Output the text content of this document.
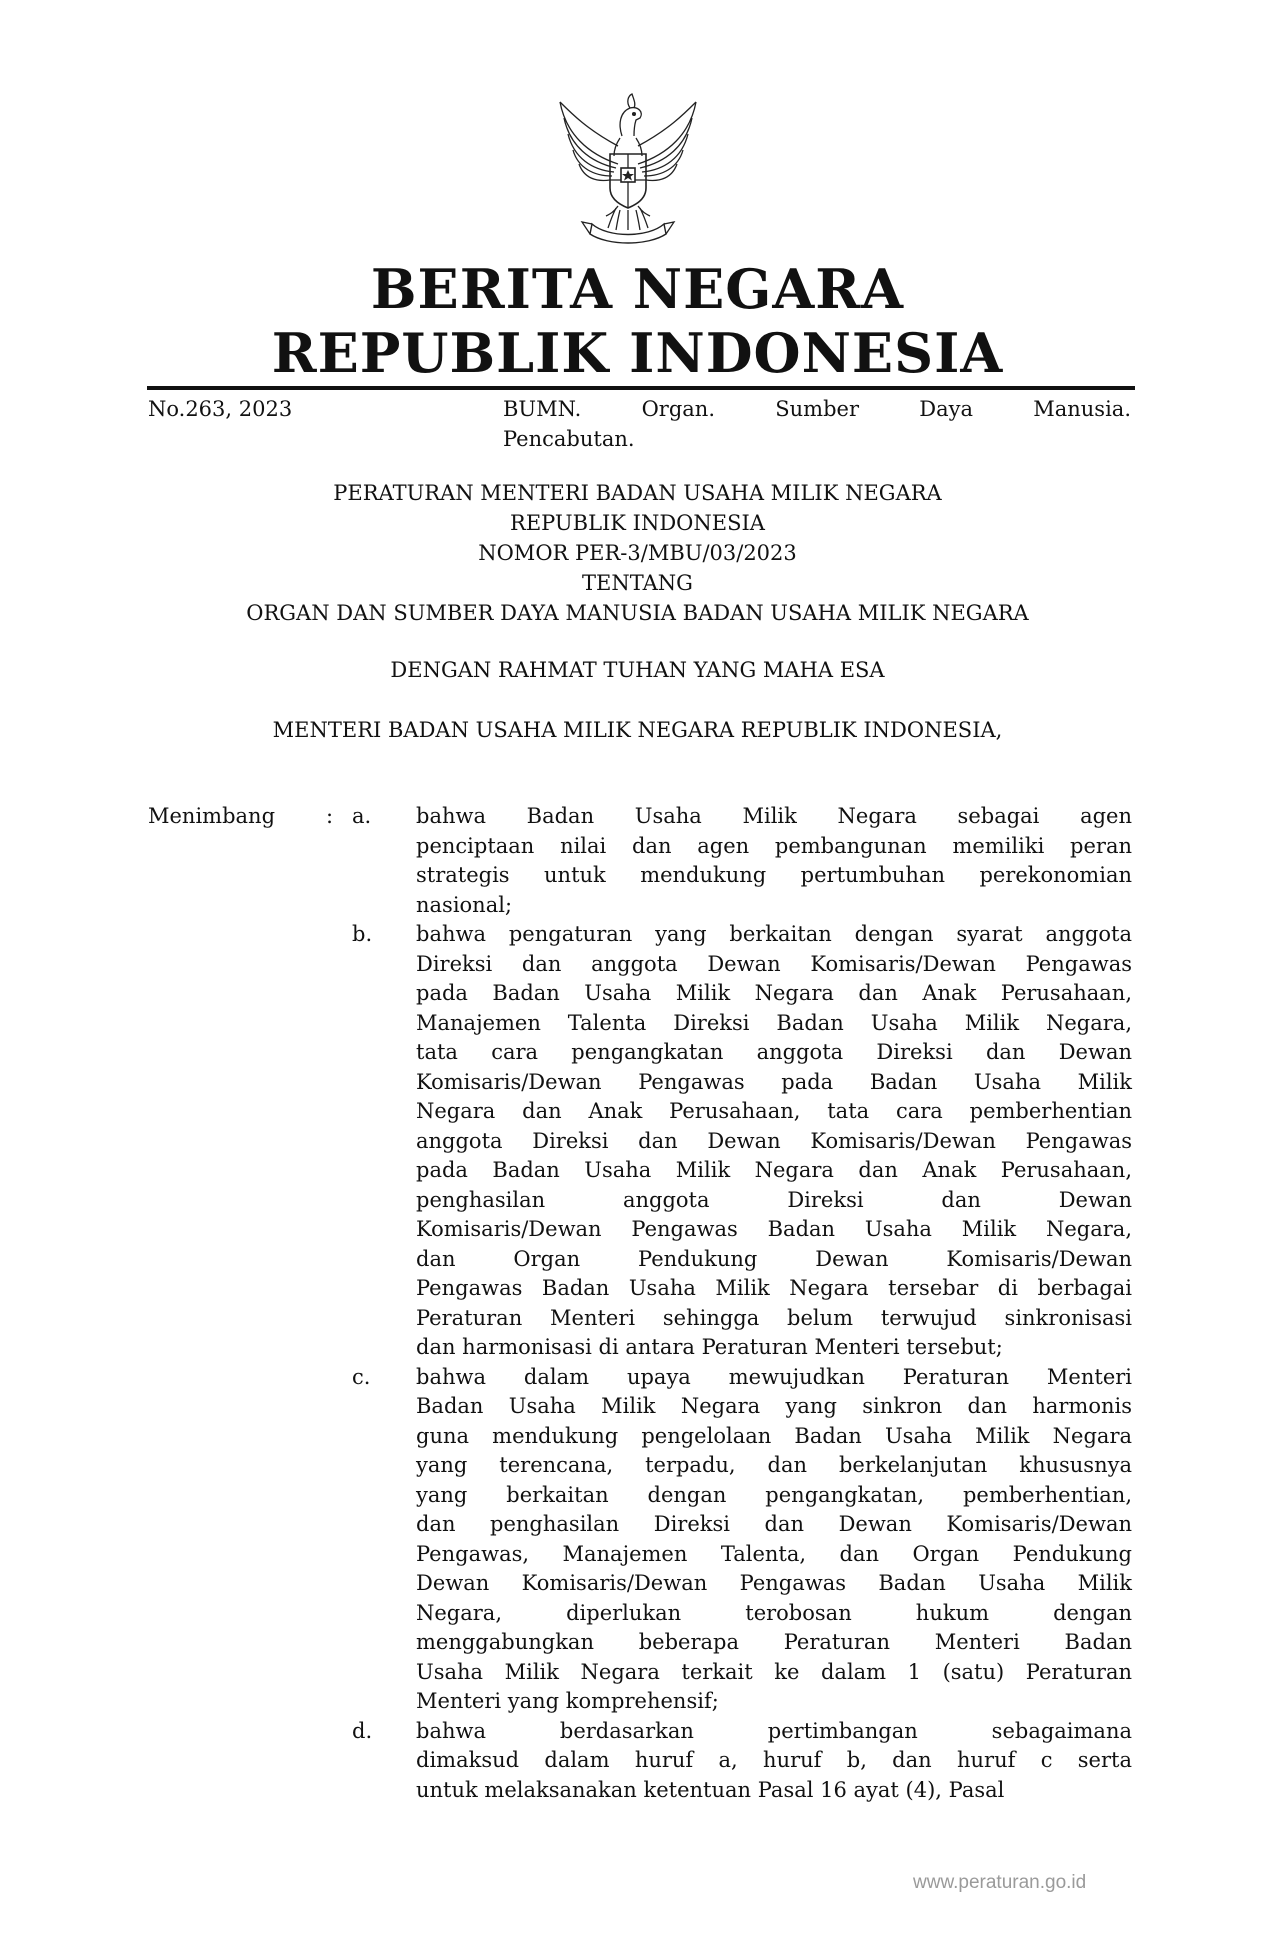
BERITA NEGARA
REPUBLIK INDONESIA
No.263, 2023	BUMN. Organ. Sumber Daya Manusia.
Pencabutan.
PERATURAN MENTERI BADAN USAHA MILIK NEGARA
REPUBLIK INDONESIA
NOMOR PER-3/MBU/03/2023
TENTANG
ORGAN DAN SUMBER DAYA MANUSIA BADAN USAHA MILIK NEGARA
DENGAN RAHMAT TUHAN YANG MAHA ESA
MENTERI BADAN USAHA MILIK NEGARA REPUBLIK INDONESIA,
Menimbang : a.	bahwa Badan Usaha Milik Negara sebagai agen
penciptaan nilai dan agen pembangunan memiliki peran
strategis untuk mendukung pertumbuhan perekonomian
nasional;
b.	bahwa pengaturan yang berkaitan dengan syarat anggota
Direksi dan anggota Dewan Komisaris/Dewan Pengawas
pada Badan Usaha Milik Negara dan Anak Perusahaan,
Manajemen Talenta Direksi Badan Usaha Milik Negara,
tata cara pengangkatan anggota Direksi dan Dewan
Komisaris/Dewan Pengawas pada Badan Usaha Milik
Negara dan Anak Perusahaan, tata cara pemberhentian
anggota Direksi dan Dewan Komisaris/Dewan Pengawas
pada Badan Usaha Milik Negara dan Anak Perusahaan,
penghasilan anggota Direksi dan Dewan
Komisaris/Dewan Pengawas Badan Usaha Milik Negara,
dan Organ Pendukung Dewan Komisaris/Dewan
Pengawas Badan Usaha Milik Negara tersebar di berbagai
Peraturan Menteri sehingga belum terwujud sinkronisasi
dan harmonisasi di antara Peraturan Menteri tersebut;
c.	bahwa dalam upaya mewujudkan Peraturan Menteri
Badan Usaha Milik Negara yang sinkron dan harmonis
guna mendukung pengelolaan Badan Usaha Milik Negara
yang terencana, terpadu, dan berkelanjutan khususnya
yang berkaitan dengan pengangkatan, pemberhentian,
dan penghasilan Direksi dan Dewan Komisaris/Dewan
Pengawas, Manajemen Talenta, dan Organ Pendukung
Dewan Komisaris/Dewan Pengawas Badan Usaha Milik
Negara, diperlukan terobosan hukum dengan
menggabungkan beberapa Peraturan Menteri Badan
Usaha Milik Negara terkait ke dalam 1 (satu) Peraturan
Menteri yang komprehensif;
d.	bahwa berdasarkan pertimbangan sebagaimana
dimaksud dalam huruf a, huruf b, dan huruf c serta
untuk melaksanakan ketentuan Pasal 16 ayat (4), Pasal
www.peraturan.go.id
